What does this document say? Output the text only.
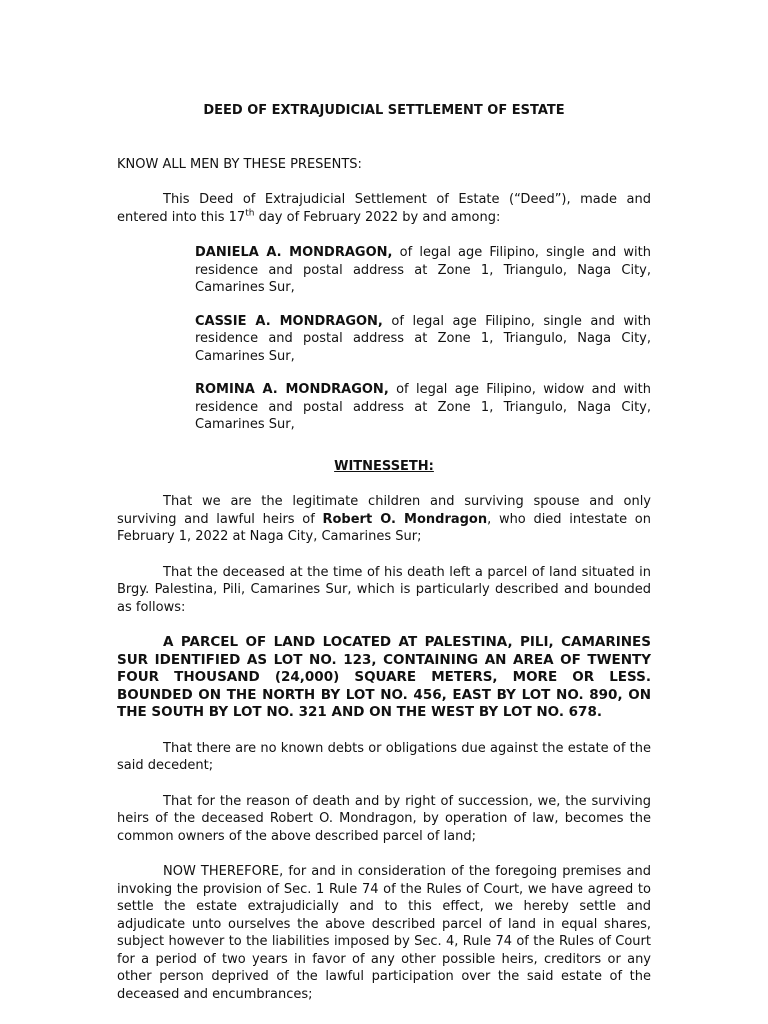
DEED OF EXTRAJUDICIAL SETTLEMENT OF ESTATE

KNOW ALL MEN BY THESE PRESENTS:

This Deed of Extrajudicial Settlement of Estate (“Deed”), made and entered into this 17th day of February 2022 by and among:

DANIELA A. MONDRAGON, of legal age Filipino, single and with residence and postal address at Zone 1, Triangulo, Naga City, Camarines Sur,

CASSIE A. MONDRAGON, of legal age Filipino, single and with residence and postal address at Zone 1, Triangulo, Naga City, Camarines Sur,

ROMINA A. MONDRAGON, of legal age Filipino, widow and with residence and postal address at Zone 1, Triangulo, Naga City, Camarines Sur,

WITNESSETH:

That we are the legitimate children and surviving spouse and only surviving and lawful heirs of Robert O. Mondragon, who died intestate on February 1, 2022 at Naga City, Camarines Sur;

That the deceased at the time of his death left a parcel of land situated in Brgy. Palestina, Pili, Camarines Sur, which is particularly described and bounded as follows:

A PARCEL OF LAND LOCATED AT PALESTINA, PILI, CAMARINES SUR IDENTIFIED AS LOT NO. 123, CONTAINING AN AREA OF TWENTY FOUR THOUSAND (24,000) SQUARE METERS, MORE OR LESS. BOUNDED ON THE NORTH BY LOT NO. 456, EAST BY LOT NO. 890, ON THE SOUTH BY LOT NO. 321 AND ON THE WEST BY LOT NO. 678.

That there are no known debts or obligations due against the estate of the said decedent;

That for the reason of death and by right of succession, we, the surviving heirs of the deceased Robert O. Mondragon, by operation of law, becomes the common owners of the above described parcel of land;

NOW THEREFORE, for and in consideration of the foregoing premises and invoking the provision of Sec. 1 Rule 74 of the Rules of Court, we have agreed to settle the estate extrajudicially and to this effect, we hereby settle and adjudicate unto ourselves the above described parcel of land in equal shares, subject however to the liabilities imposed by Sec. 4, Rule 74 of the Rules of Court for a period of two years in favor of any other possible heirs, creditors or any other person deprived of the lawful participation over the said estate of the deceased and encumbrances;
